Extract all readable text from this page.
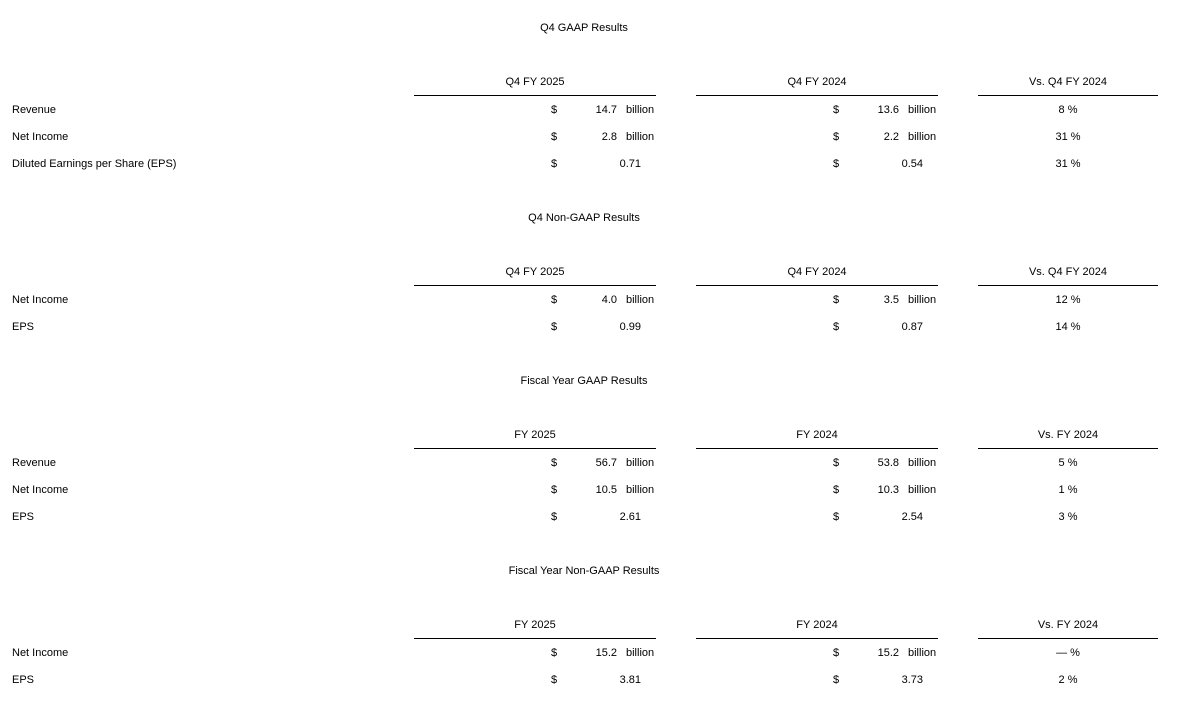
Q4 GAAP Results
Q4 FY 2025	Q4 FY 2024	Vs. Q4 FY 2024
Revenue	$	14.7 billion	$	13.6 billion	8 %
Net Income	$	2.8 billion	$	2.2 billion	31 %
Diluted Earnings per Share (EPS)	$	0.71	$	0.54	31 %
Q4 Non-GAAP Results
Q4 FY 2025	Q4 FY 2024	Vs. Q4 FY 2024
Net Income	$	4.0 billion	$	3.5 billion	12 %
EPS	$	0.99	$	0.87	14 %
Fiscal Year GAAP Results
FY 2025	FY 2024	Vs. FY 2024
Revenue	$	56.7 billion	$	53.8 billion	5 %
Net Income	$	10.5 billion	$	10.3 billion	1 %
EPS	$	2.61	$	2.54	3 %
Fiscal Year Non-GAAP Results
FY 2025	FY 2024	Vs. FY 2024
Net Income	$	15.2 billion	$	15.2 billion	— %
EPS	$	3.81	$	3.73	2 %
